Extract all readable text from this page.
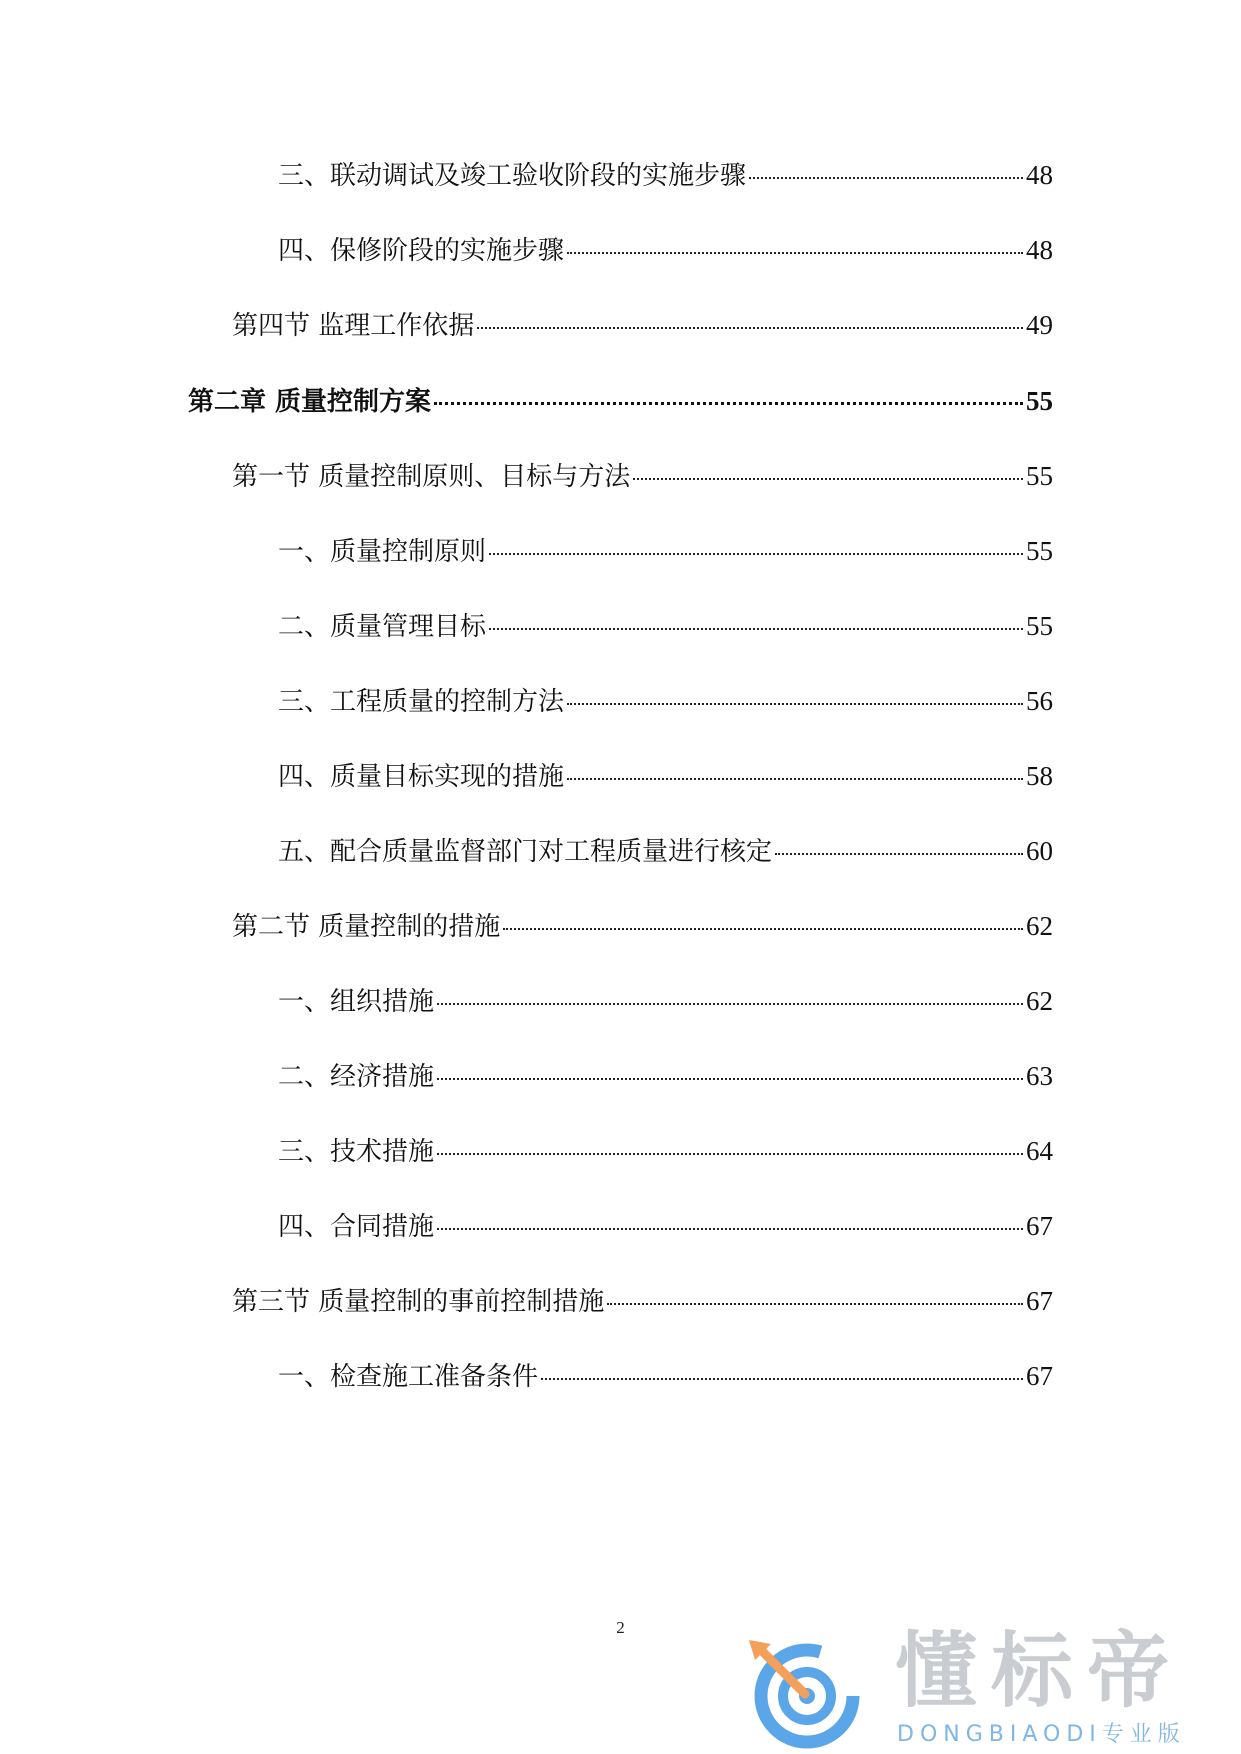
三、联动调试及竣工验收阶段的实施步骤	48
四、保修阶段的实施步骤	48
第四节 监理工作依据	49
第二章 质量控制方案	55
第一节 质量控制原则、目标与方法	55
一、质量控制原则	55
二、质量管理目标	55
三、工程质量的控制方法	56
四、质量目标实现的措施	58
五、配合质量监督部门对工程质量进行核定	60
第二节 质量控制的措施	62
一、组织措施	62
二、经济措施	63
三、技术措施	64
四、合同措施	67
第三节 质量控制的事前控制措施	67
一、检查施工准备条件	67
2	懂标帝
DONGBIAODI专业版
